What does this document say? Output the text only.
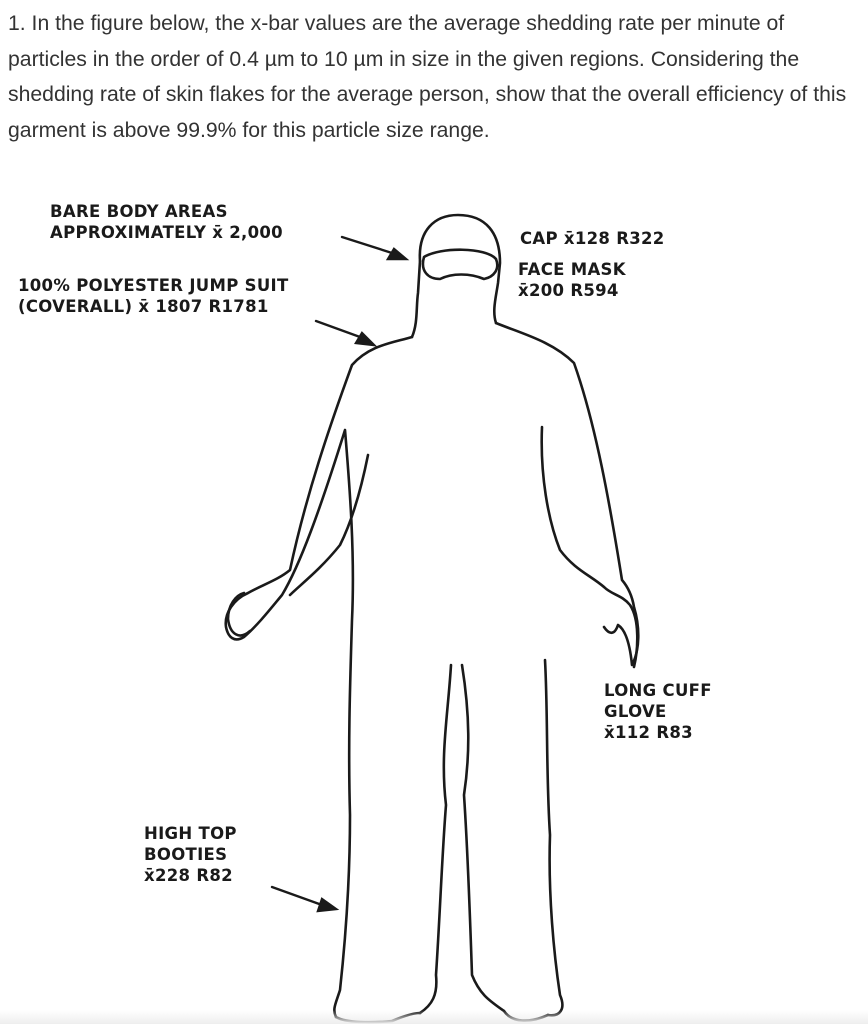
1. In the figure below, the x-bar values are the average shedding rate per minute of particles in the order of 0.4 µm to 10 µm in size in the given regions. Considering the shedding rate of skin flakes for the average person, show that the overall efficiency of this garment is above 99.9% for this particle size range.

BARE BODY AREAS
APPROXIMATELY x̄ 2,000
100% POLYESTER JUMP SUIT
(COVERALL) x̄ 1807 R1781
CAP x̄128 R322
FACE MASK
x̄200 R594
LONG CUFF
GLOVE
x̄112 R83
HIGH TOP
BOOTIES
x̄228 R82
